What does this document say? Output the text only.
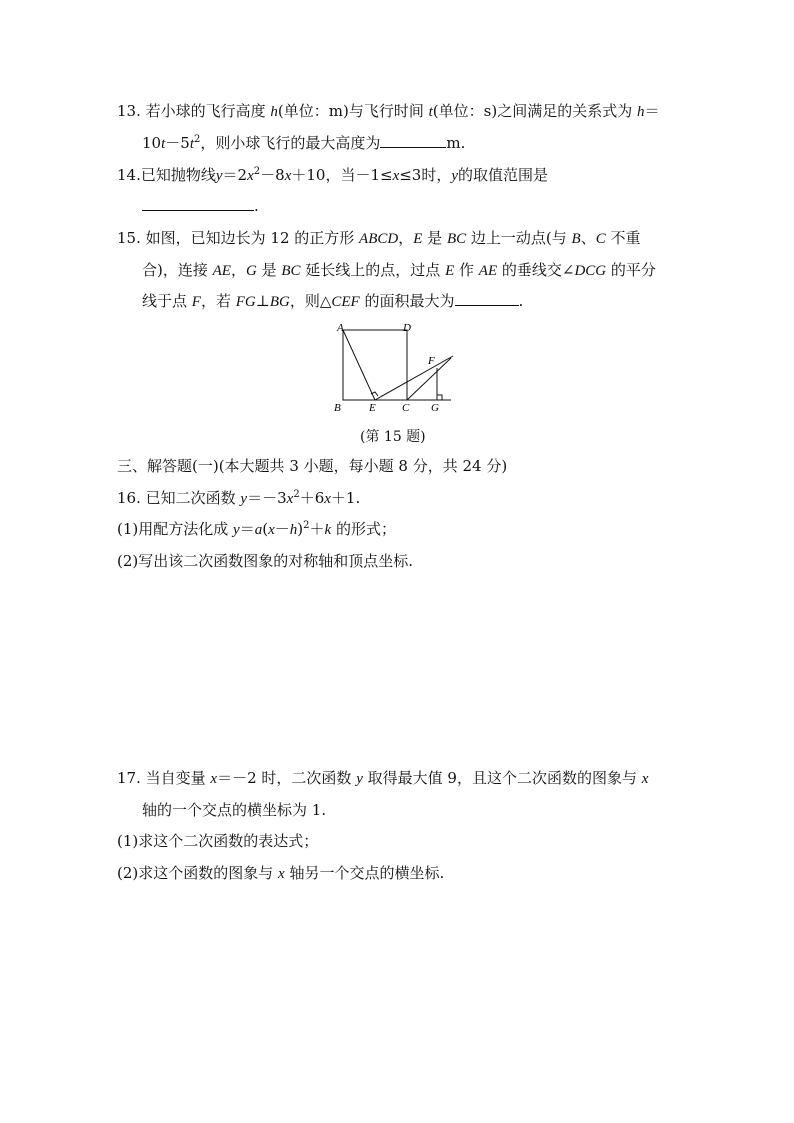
13. 若小球的飞行高度 h(单位：m)与飞行时间 t(单位：s)之间满足的关系式为 h＝
$10t-5t^2$，则小球飞行的最大高度为	m.
14.已知抛物线$y=2x^2-8x+10$，当－1≤x≤3时，y的取值范围是
.
15. 如图，已知边长为 12 的正方形 ABCD，E 是 BC 边上一动点(与 B、C 不重
合)，连接 AE，G 是 BC 延长线上的点，过点 E 作 AE 的垂线交∠DCG 的平分
线于点 F，若 FG⊥BG，则△CEF 的面积最大为	.
A	D
F
B	E C G
(第 15 题)
三、解答题(一)(本大题共 3 小题，每小题 8 分，共 24 分)
16. 已知二次函数 $y=-3x^2+6x+1$.
(1)用配方法化成 $y=a(x-h)^2+k$ 的形式；
(2)写出该二次函数图象的对称轴和顶点坐标.
17. 当自变量 x＝－2 时，二次函数 y 取得最大值 9，且这个二次函数的图象与 x
轴的一个交点的横坐标为 1.
(1)求这个二次函数的表达式；
(2)求这个函数的图象与 x 轴另一个交点的横坐标.
